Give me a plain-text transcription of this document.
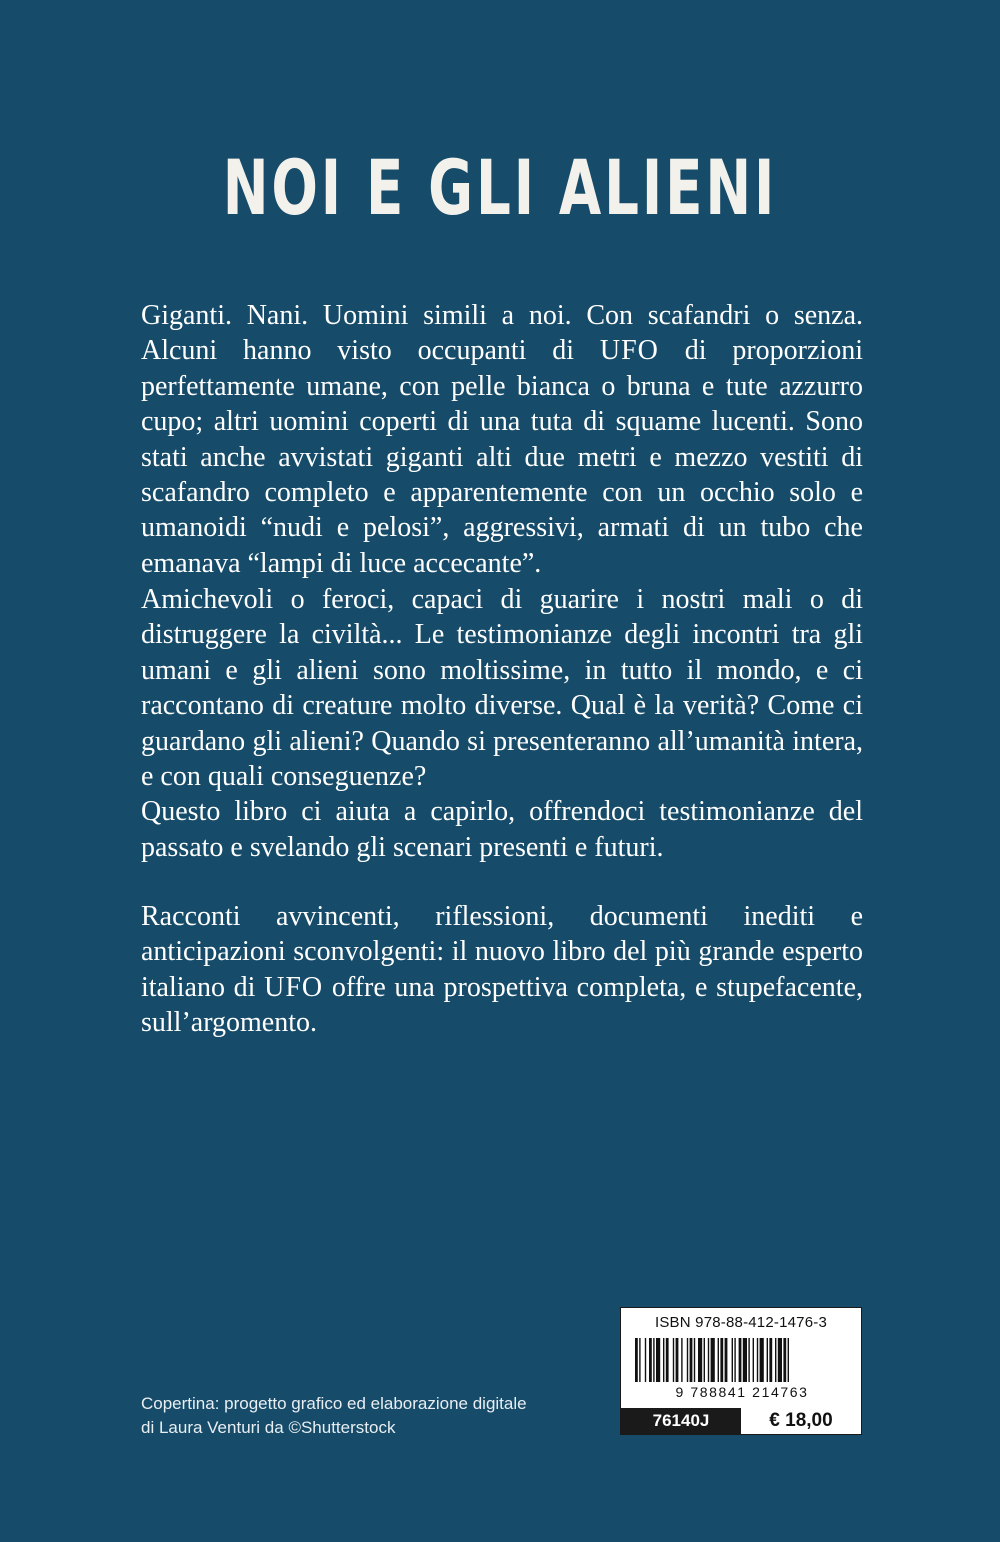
NOI E GLI ALIENI

Giganti. Nani. Uomini simili a noi. Con scafandri o senza. Alcuni hanno visto occupanti di UFO di proporzioni perfettamente umane, con pelle bianca o bruna e tute azzurro cupo; altri uomini coperti di una tuta di squame lucenti. Sono stati anche avvistati giganti alti due metri e mezzo vestiti di scafandro completo e apparentemente con un occhio solo e umanoidi “nudi e pelosi”, aggressivi, armati di un tubo che emanava “lampi di luce accecante”.

Amichevoli o feroci, capaci di guarire i nostri mali o di distruggere la civiltà... Le testimonianze degli incontri tra gli umani e gli alieni sono moltissime, in tutto il mondo, e ci raccontano di creature molto diverse. Qual è la verità? Come ci guardano gli alieni? Quando si presenteranno all’umanità intera, e con quali conseguenze?

Questo libro ci aiuta a capirlo, offrendoci testimonianze del passato e svelando gli scenari presenti e futuri.

Racconti avvincenti, riflessioni, documenti inediti e anticipazioni sconvolgenti: il nuovo libro del più grande esperto italiano di UFO offre una prospettiva completa, e stupefacente, sull’argomento.

Copertina: progetto grafico ed elaborazione digitale
di Laura Venturi da ©Shutterstock
ISBN 978-88-412-1476-3
9 788841 214763
76140J	€ 18,00
